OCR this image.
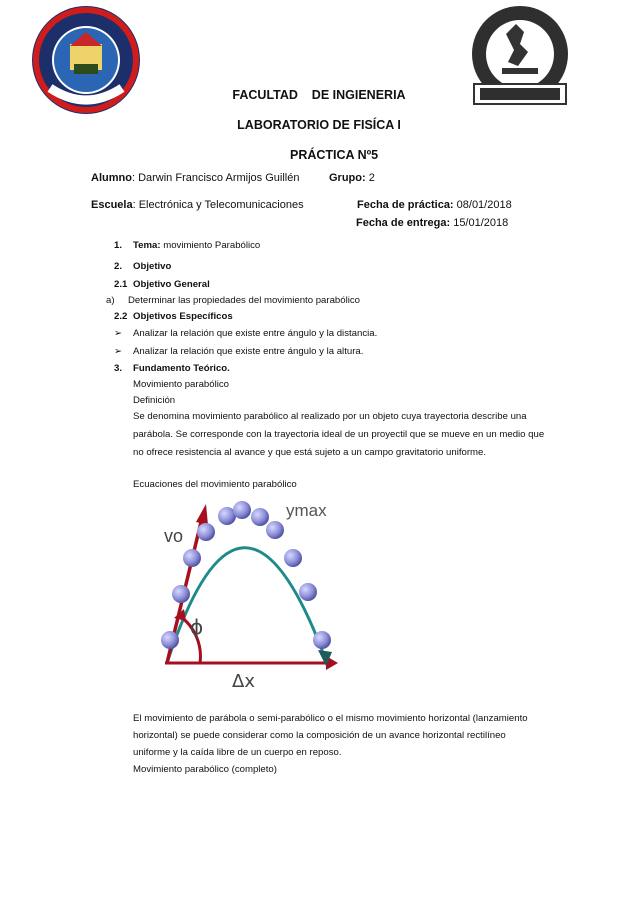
FACULTAD    DE INGIENERIA
LABORATORIO DE FISÍCA I
PRÁCTICA Nº5
Alumno: Darwin Francisco Armijos Guillén	Grupo: 2
Escuela: Electrónica y Telecomunicaciones	Fecha de práctica: 08/01/2018
Fecha de entrega: 15/01/2018
1.	Tema: movimiento Parabólico
2.	Objetivo
2.1 Objetivo General
a)	Determinar las propiedades del movimiento parabólico
2.2 Objetivos Específicos
➢	Analizar la relación que existe entre ángulo y la distancia.
➢	Analizar la relación que existe entre ángulo y la altura.
3.	Fundamento Teórico.
Movimiento parabólico
Definición
Se denomina movimiento parabólico al realizado por un objeto cuya trayectoria describe una
parábola. Se corresponde con la trayectoria ideal de un proyectil que se mueve en un medio que
no ofrece resistencia al avance y que está sujeto a un campo gravitatorio uniforme.
Ecuaciones del movimiento parabólico
vo
ymax
ϕ
Δx
El movimiento de parábola o semi-parabólico o el mismo movimiento horizontal (lanzamiento
horizontal) se puede considerar como la composición de un avance horizontal rectilíneo
uniforme y la caída libre de un cuerpo en reposo.
Movimiento parabólico (completo)
